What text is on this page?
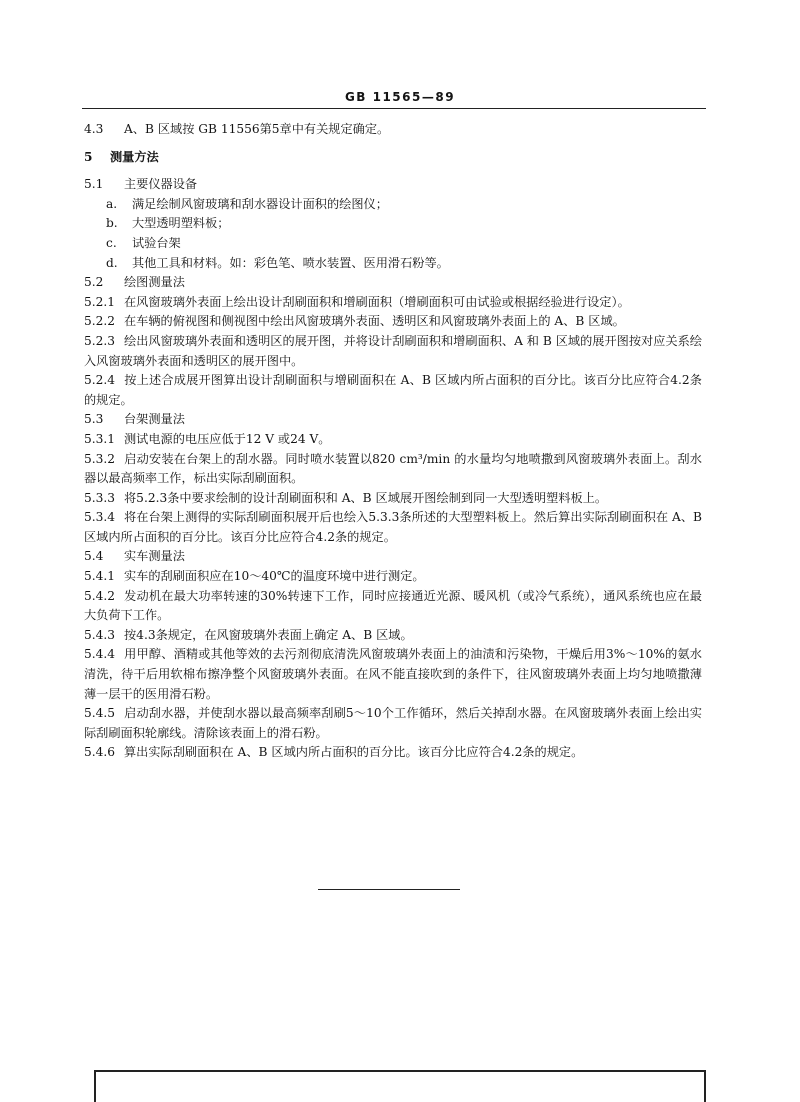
GB 11565—89
4.3 A、B 区域按 GB 11556第5章中有关规定确定。
5 测量方法
5.1 主要仪器设备
a. 满足绘制风窗玻璃和刮水器设计面积的绘图仪；
b. 大型透明塑料板；
c. 试验台架
d. 其他工具和材料。如：彩色笔、喷水装置、医用滑石粉等。
5.2 绘图测量法
5.2.1 在风窗玻璃外表面上绘出设计刮刷面积和增刷面积（增刷面积可由试验或根据经验进行设定）。
5.2.2 在车辆的俯视图和侧视图中绘出风窗玻璃外表面、透明区和风窗玻璃外表面上的 A、B 区域。
5.2.3 绘出风窗玻璃外表面和透明区的展开图，并将设计刮刷面积和增刷面积、A 和 B 区域的展开图按对应关系绘入风窗玻璃外表面和透明区的展开图中。
5.2.4 按上述合成展开图算出设计刮刷面积与增刷面积在 A、B 区域内所占面积的百分比。该百分比应符合4.2条的规定。
5.3 台架测量法
5.3.1 测试电源的电压应低于12 V 或24 V。
5.3.2 启动安装在台架上的刮水器。同时喷水装置以820 cm³/min 的水量均匀地喷撒到风窗玻璃外表面上。刮水器以最高频率工作，标出实际刮刷面积。
5.3.3 将5.2.3条中要求绘制的设计刮刷面积和 A、B 区域展开图绘制到同一大型透明塑料板上。
5.3.4 将在台架上测得的实际刮刷面积展开后也绘入5.3.3条所述的大型塑料板上。然后算出实际刮刷面积在 A、B 区域内所占面积的百分比。该百分比应符合4.2条的规定。
5.4 实车测量法
5.4.1 实车的刮刷面积应在10～40℃的温度环境中进行测定。
5.4.2 发动机在最大功率转速的30%转速下工作，同时应接通近光源、暖风机（或冷气系统），通风系统也应在最大负荷下工作。
5.4.3 按4.3条规定，在风窗玻璃外表面上确定 A、B 区域。
5.4.4 用甲醇、酒精或其他等效的去污剂彻底清洗风窗玻璃外表面上的油渍和污染物，干燥后用3%～10%的氨水清洗，待干后用软棉布擦净整个风窗玻璃外表面。在风不能直接吹到的条件下，往风窗玻璃外表面上均匀地喷撒薄薄一层干的医用滑石粉。
5.4.5 启动刮水器，并使刮水器以最高频率刮刷5～10个工作循环，然后关掉刮水器。在风窗玻璃外表面上绘出实际刮刷面积轮廓线。清除该表面上的滑石粉。
5.4.6 算出实际刮刷面积在 A、B 区域内所占面积的百分比。该百分比应符合4.2条的规定。
